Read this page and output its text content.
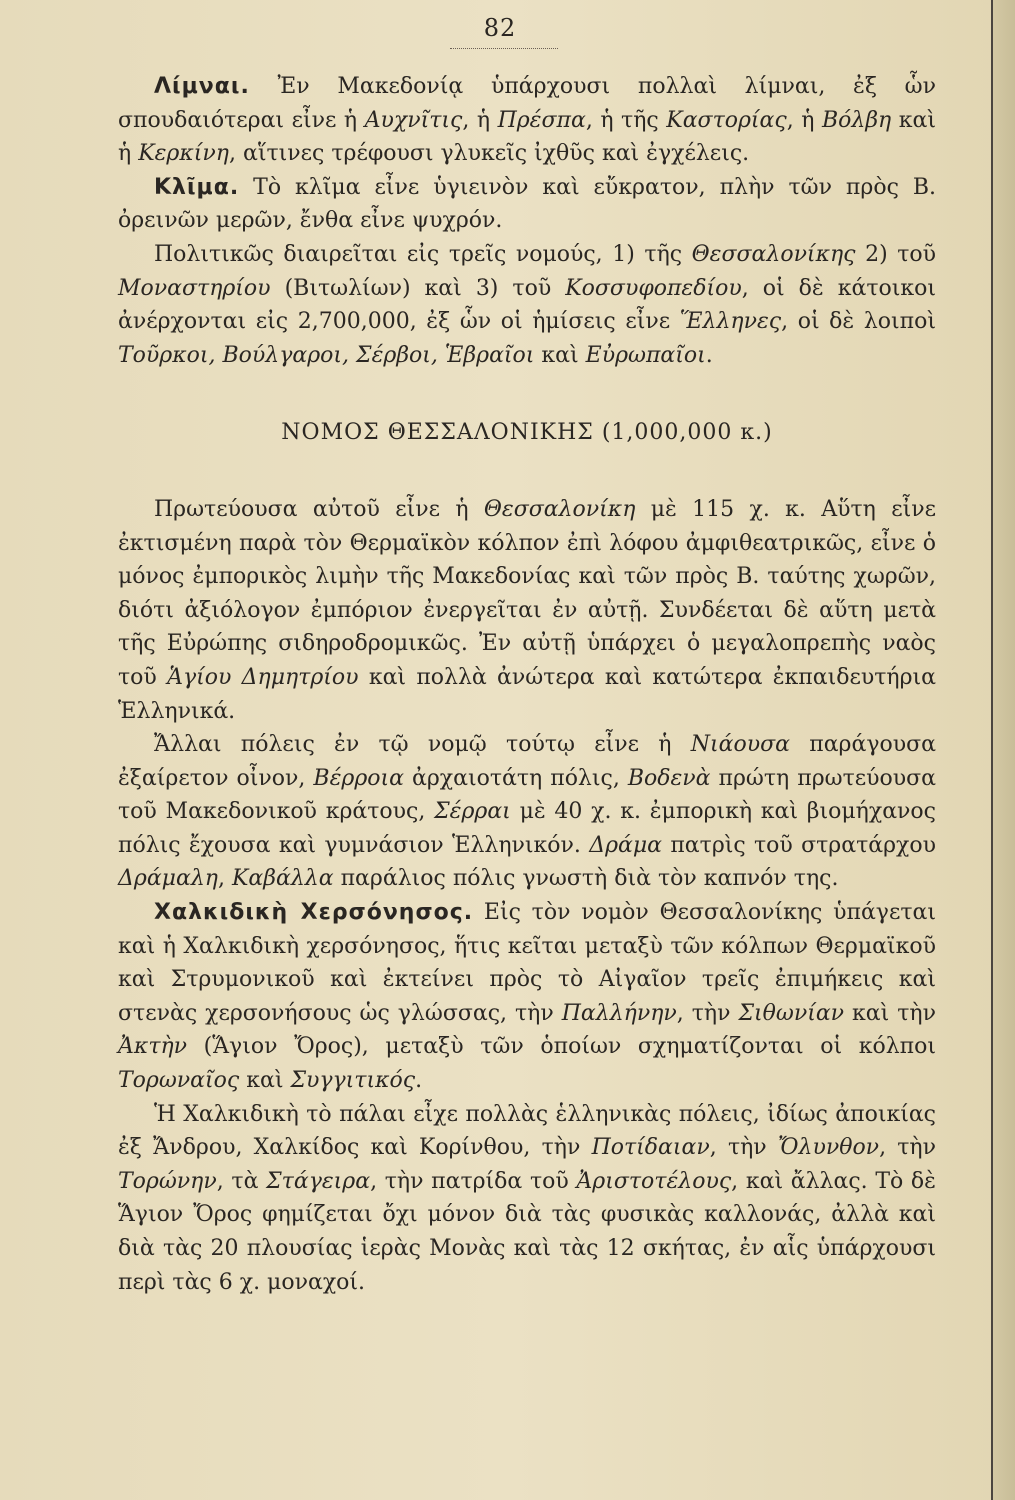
82

Λίμναι. Ἐν Μακεδονίᾳ ὑπάρχουσι πολλαὶ λίμναι, ἐξ ὧν σπουδαιότεραι εἶνε ἡ Αυχνῖτις, ἡ Πρέσπα, ἡ τῆς Καστορίας, ἡ Βόλβη καὶ ἡ Κερκίνη, αἵτινες τρέφουσι γλυκεῖς ἰχθῦς καὶ ἐγχέλεις.

Κλῖμα. Τὸ κλῖμα εἶνε ὑγιεινὸν καὶ εὔκρατον, πλὴν τῶν πρὸς Β. ὀρεινῶν μερῶν, ἔνθα εἶνε ψυχρόν.

Πολιτικῶς διαιρεῖται εἰς τρεῖς νομούς, 1) τῆς Θεσσαλονίκης 2) τοῦ Μοναστηρίου (Βιτωλίων) καὶ 3) τοῦ Κοσσυφοπεδίου, οἱ δὲ κάτοικοι ἀνέρχονται εἰς 2,700,000, ἐξ ὧν οἱ ἡμίσεις εἶνε Ἕλληνες, οἱ δὲ λοιποὶ Τοῦρκοι, Βούλγαροι, Σέρβοι, Ἑβραῖοι καὶ Εὐρωπαῖοι.

ΝΟΜΟΣ ΘΕΣΣΑΛΟΝΙΚΗΣ (1,000,000 κ.)

Πρωτεύουσα αὐτοῦ εἶνε ἡ Θεσσαλονίκη μὲ 115 χ. κ. Αὕτη εἶνε ἐκτισμένη παρὰ τὸν Θερμαϊκὸν κόλπον ἐπὶ λόφου ἀμφιθεατρικῶς, εἶνε ὁ μόνος ἐμπορικὸς λιμὴν τῆς Μακεδονίας καὶ τῶν πρὸς Β. ταύτης χωρῶν, διότι ἀξιόλογον ἐμπόριον ἐνεργεῖται ἐν αὐτῇ. Συνδέεται δὲ αὕτη μετὰ τῆς Εὐρώπης σιδηροδρομικῶς. Ἐν αὐτῇ ὑπάρχει ὁ μεγαλοπρεπὴς ναὸς τοῦ Ἁγίου Δημητρίου καὶ πολλὰ ἀνώτερα καὶ κατώτερα ἐκπαιδευτήρια Ἑλληνικά.

Ἄλλαι πόλεις ἐν τῷ νομῷ τούτῳ εἶνε ἡ Νιάουσα παράγουσα ἐξαίρετον οἶνον, Βέρροια ἀρχαιοτάτη πόλις, Βοδενὰ πρώτη πρωτεύουσα τοῦ Μακεδονικοῦ κράτους, Σέρραι μὲ 40 χ. κ. ἐμπορικὴ καὶ βιομήχανος πόλις ἔχουσα καὶ γυμνάσιον Ἑλληνικόν. Δράμα πατρὶς τοῦ στρατάρχου Δράμαλη, Καβάλλα παράλιος πόλις γνωστὴ διὰ τὸν καπνόν της.

Χαλκιδικὴ Χερσόνησος. Εἰς τὸν νομὸν Θεσσαλονίκης ὑπάγεται καὶ ἡ Χαλκιδικὴ χερσόνησος, ἥτις κεῖται μεταξὺ τῶν κόλπων Θερμαϊκοῦ καὶ Στρυμονικοῦ καὶ ἐκτείνει πρὸς τὸ Αἰγαῖον τρεῖς ἐπιμήκεις καὶ στενὰς χερσονήσους ὡς γλώσσας, τὴν Παλλήνην, τὴν Σιθωνίαν καὶ τὴν Ἀκτὴν (Ἅγιον Ὄρος), μεταξὺ τῶν ὁποίων σχηματίζονται οἱ κόλποι Τορωναῖος καὶ Συγγιτικός.

Ἡ Χαλκιδικὴ τὸ πάλαι εἶχε πολλὰς ἑλληνικὰς πόλεις, ἰδίως ἀποικίας ἐξ Ἄνδρου, Χαλκίδος καὶ Κορίνθου, τὴν Ποτίδαιαν, τὴν Ὄλυνθον, τὴν Τορώνην, τὰ Στάγειρα, τὴν πατρίδα τοῦ Ἀριστοτέλους, καὶ ἄλλας. Τὸ δὲ Ἅγιον Ὄρος φημίζεται ὄχι μόνον διὰ τὰς φυσικὰς καλλονάς, ἀλλὰ καὶ διὰ τὰς 20 πλουσίας ἱερὰς Μονὰς καὶ τὰς 12 σκήτας, ἐν αἷς ὑπάρχουσι περὶ τὰς 6 χ. μοναχοί.
